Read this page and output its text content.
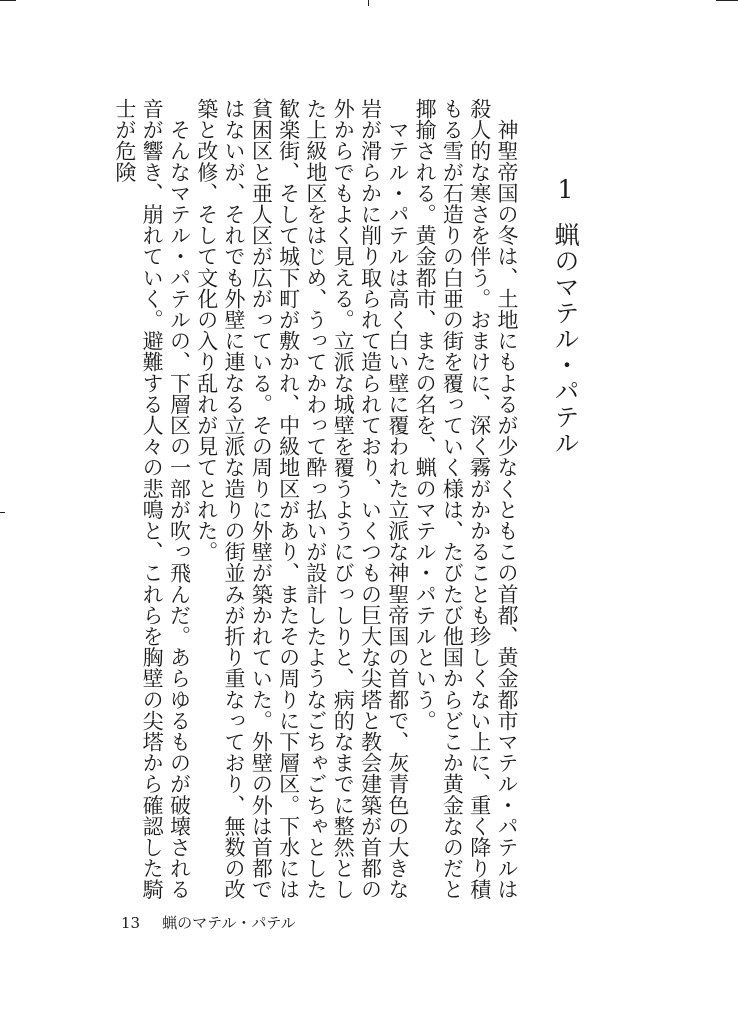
1
蝋のマテル・パテル

　神聖帝国の冬は、土地にもよるが少なくともこの首都、黄金都市マテル・パテルは殺人的な寒さを伴う。おまけに、深く霧がかかることも珍しくない上に、重く降り積もる雪が石造りの白亜の街を覆っていく様は、たびたび他国からどこか黄金なのだと揶揄される。黄金都市、またの名を、蝋のマテル・パテルという。

　マテル・パテルは高く白い壁に覆われた立派な神聖帝国の首都で、灰青色の大きな岩が滑らかに削り取られて造られており、いくつもの巨大な尖塔と教会建築が首都の外からでもよく見える。立派な城壁を覆うようにびっしりと、病的なまでに整然とした上級地区をはじめ、うってかわって酔っ払いが設計したようなごちゃごちゃとした歓楽街、そして城下町が敷かれ、中級地区があり、またその周りに下層区。下水には貧困区と亜人区が広がっている。その周りに外壁が築かれていた。外壁の外は首都ではないが、それでも外壁に連なる立派な造りの街並みが折り重なっており、無数の改築と改修、そして文化の入り乱れが見てとれた。

　そんなマテル・パテルの、下層区の一部が吹っ飛んだ。あらゆるものが破壊される音が響き、崩れていく。避難する人々の悲鳴と、これらを胸壁の尖塔から確認した騎士が危険

13 蝋のマテル・パテル
